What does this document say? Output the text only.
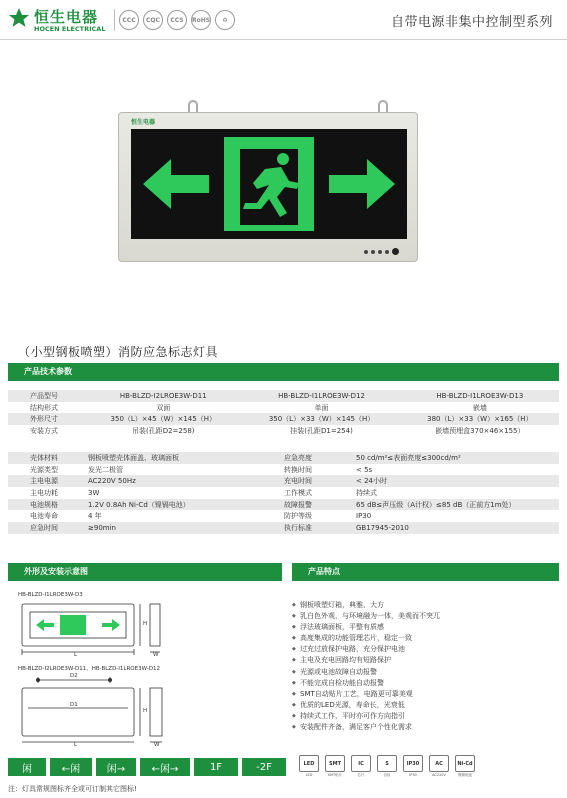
恒生电器
HOCEN ELECTRICAL
CCC	CQC	CCS	RoHS	♻	自带电源非集中控制型系列
恒生电器
（小型钢板喷塑）消防应急标志灯具
产品技术参数
产品型号	HB-BLZD-Ⅰ2LROE3W-D11	HB-BLZD-Ⅰ1LROE3W-D12	HB-BLZD-Ⅰ1LROE3W-D13
结构形式	双面	单面	嵌墙
外形尺寸	350（L）×45（W）×145（H）	350（L）×33（W）×145（H）	380（L）×33（W）×165（H）
安装方式	吊装(孔距D2=258)	挂装(孔距D1=254)	嵌墙预埋盒370×46×155）
壳体材料	钢板喷塑壳体面盖、玻璃面板	应急亮度	50 cd/m²≤表面亮度≤300cd/m²
光源类型	发光二极管	转换时间	< 5s
主电电源	AC220V 50Hz	充电时间	< 24小时
主电功耗	3W	工作模式	持续式
电池规格	1.2V 0.8Ah Ni-Cd（镍镉电池）	故障报警	65 dB≤声压级（A计权）≤85 dB（正前方1m处）
电池寿命	4 年	防护等级	IP30
应急时间	≥90min	执行标准	GB17945-2010
外形及安装示意图	产品特点
HB-BLZD-Ⅰ1LROE3W-D3
L
H
W
HB-BLZD-Ⅰ2LROE3W-D11，HB-BLZD-Ⅰ1LROE3W-D12
D2
D1
H
L	W
◆ 钢板喷塑灯箱，典雅、大方
◆ 乳白色外观，与环境融为一体，美观而不突兀
◆ 浮法玻璃面板，平整有质感
◆ 高度集成的功能管理芯片，稳定一致
◆ 过充过放保护电路，充分保护电池
◆ 主电及充电回路均有短路保护
◆ 光源或电池故障自动报警
◆ 不能完成自检功能自动报警
◆ SMT自动贴片工艺，电路更可靠美观
◆ 优质的LED光源，寿命长，光衰低
◆ 持续式工作，平时亦可作方向指引
◆ 安装配件齐备，满足客户个性化需求
闲	←闲	闲→	←闲→	1F	-2F	LED
LED
SMT
SMT贴片
IC
芯片
S
自检
IP30
IP30
AC
AC220V
Ni-Cd
镍镉电池
注：灯具常规图标齐全或可订制其它图标!
